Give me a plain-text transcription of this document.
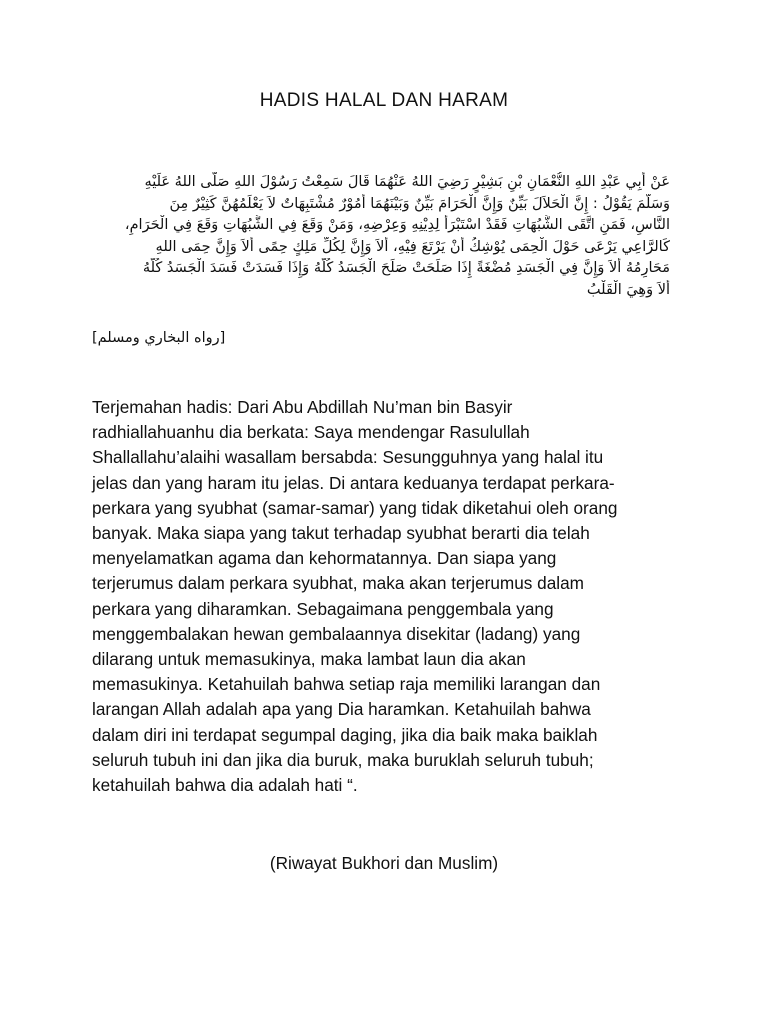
HADIS HALAL DAN HARAM
عَنْ أَبِي عَبْدِ اللهِ النُّعْمَانِ بْنِ بَشِيْرٍ رَضِيَ اللهُ عَنْهُمَا قَالَ سَمِعْتُ رَسُوْلَ اللهِ صَلَّى اللهُ عَلَيْهِ
وَسَلَّمَ يَقُوْلُ : إِنَّ الْحَلاَلَ بَيِّنٌ وَإِنَّ الْحَرَامَ بَيِّنٌ وَبَيْنَهُمَا أُمُوْرٌ مُشْتَبِهَاتٌ لاَ يَعْلَمُهُنَّ كَثِيْرٌ مِنَ
النَّاسِ، فَمَنِ اتَّقَى الشُّبُهَاتِ فَقَدْ اسْتَبْرَأَ لِدِيْنِهِ وَعِرْضِهِ، وَمَنْ وَقَعَ فِي الشُّبُهَاتِ وَقَعَ فِي الْحَرَامِ،
كَالرَّاعِي يَرْعَى حَوْلَ الْحِمَى يُوْشِكُ أَنْ يَرْتَعَ فِيْهِ، أَلاَ وَإِنَّ لِكُلِّ مَلِكٍ حِمًى أَلاَ وَإِنَّ حِمَى اللهِ
مَحَارِمُهُ أَلاَ وَإِنَّ فِي الْجَسَدِ مُضْغَةً إِذَا صَلَحَتْ صَلَحَ الْجَسَدُ كُلُّهُ وَإِذَا فَسَدَتْ فَسَدَ الْجَسَدُ كُلُّهُ
أَلاَ وَهِيَ الْقَلْبُ
[رواه البخاري ومسلم]
Terjemahan hadis: Dari Abu Abdillah Nu’man bin Basyir
radhiallahuanhu dia berkata: Saya mendengar Rasulullah
Shallallahu’alaihi wasallam bersabda: Sesungguhnya yang halal itu
jelas dan yang haram itu jelas. Di antara keduanya terdapat perkara-
perkara yang syubhat (samar-samar) yang tidak diketahui oleh orang
banyak. Maka siapa yang takut terhadap syubhat berarti dia telah
menyelamatkan agama dan kehormatannya. Dan siapa yang
terjerumus dalam perkara syubhat, maka akan terjerumus dalam
perkara yang diharamkan. Sebagaimana penggembala yang
menggembalakan hewan gembalaannya disekitar (ladang) yang
dilarang untuk memasukinya, maka lambat laun dia akan
memasukinya. Ketahuilah bahwa setiap raja memiliki larangan dan
larangan Allah adalah apa yang Dia haramkan. Ketahuilah bahwa
dalam diri ini terdapat segumpal daging, jika dia baik maka baiklah
seluruh tubuh ini dan jika dia buruk, maka buruklah seluruh tubuh;
ketahuilah bahwa dia adalah hati “.
(Riwayat Bukhori dan Muslim)
